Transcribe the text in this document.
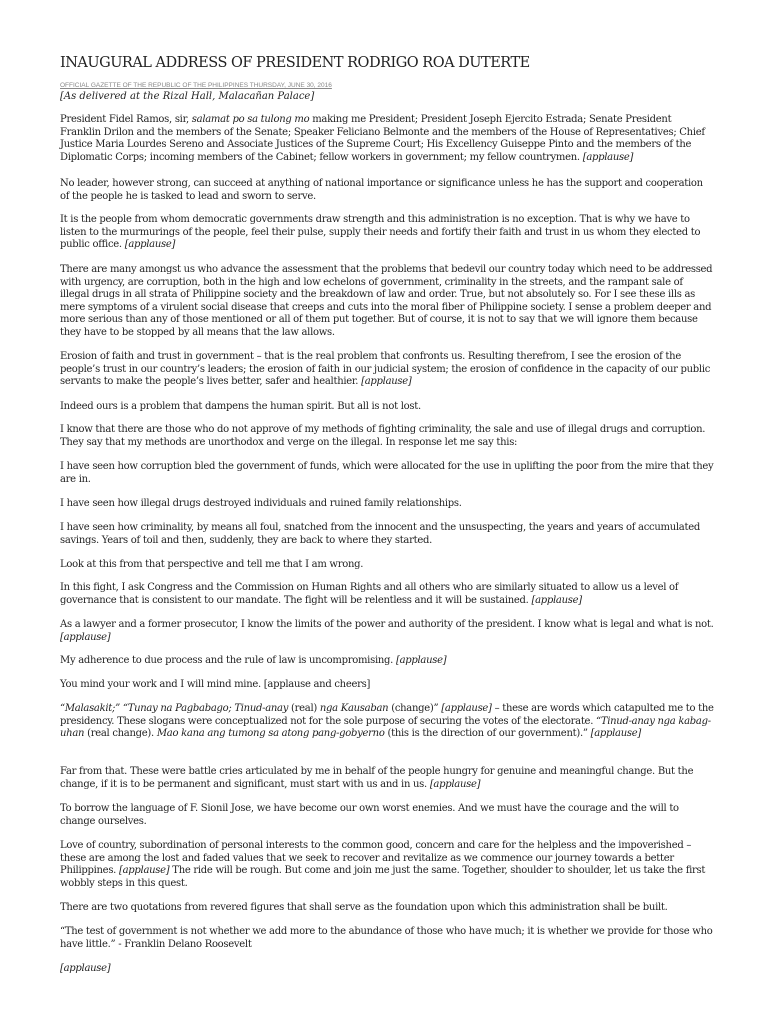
INAUGURAL ADDRESS OF PRESIDENT RODRIGO ROA DUTERTE
OFFICIAL GAZETTE OF THE REPUBLIC OF THE PHILIPPINES THURSDAY, JUNE 30, 2016
[As delivered at the Rizal Hall, Malacañan Palace]

President Fidel Ramos, sir, salamat po sa tulong mo making me President; President Joseph Ejercito Estrada; Senate President Franklin Drilon and the members of the Senate; Speaker Feliciano Belmonte and the members of the House of Representatives; Chief Justice Maria Lourdes Sereno and Associate Justices of the Supreme Court; His Excellency Guiseppe Pinto and the members of the Diplomatic Corps; incoming members of the Cabinet; fellow workers in government; my fellow countrymen. [applause]

No leader, however strong, can succeed at anything of national importance or significance unless he has the support and cooperation of the people he is tasked to lead and sworn to serve.

It is the people from whom democratic governments draw strength and this administration is no exception. That is why we have to listen to the murmurings of the people, feel their pulse, supply their needs and fortify their faith and trust in us whom they elected to public office. [applause]

There are many amongst us who advance the assessment that the problems that bedevil our country today which need to be addressed with urgency, are corruption, both in the high and low echelons of government, criminality in the streets, and the rampant sale of illegal drugs in all strata of Philippine society and the breakdown of law and order. True, but not absolutely so. For I see these ills as mere symptoms of a virulent social disease that creeps and cuts into the moral fiber of Philippine society. I sense a problem deeper and more serious than any of those mentioned or all of them put together. But of course, it is not to say that we will ignore them because they have to be stopped by all means that the law allows.

Erosion of faith and trust in government – that is the real problem that confronts us. Resulting therefrom, I see the erosion of the people’s trust in our country’s leaders; the erosion of faith in our judicial system; the erosion of confidence in the capacity of our public servants to make the people’s lives better, safer and healthier. [applause]

Indeed ours is a problem that dampens the human spirit. But all is not lost.

I know that there are those who do not approve of my methods of fighting criminality, the sale and use of illegal drugs and corruption. They say that my methods are unorthodox and verge on the illegal. In response let me say this:

I have seen how corruption bled the government of funds, which were allocated for the use in uplifting the poor from the mire that they are in.

I have seen how illegal drugs destroyed individuals and ruined family relationships.

I have seen how criminality, by means all foul, snatched from the innocent and the unsuspecting, the years and years of accumulated savings. Years of toil and then, suddenly, they are back to where they started.

Look at this from that perspective and tell me that I am wrong.

In this fight, I ask Congress and the Commission on Human Rights and all others who are similarly situated to allow us a level of governance that is consistent to our mandate. The fight will be relentless and it will be sustained. [applause]

As a lawyer and a former prosecutor, I know the limits of the power and authority of the president. I know what is legal and what is not. [applause]

My adherence to due process and the rule of law is uncompromising. [applause]

You mind your work and I will mind mine. [applause and cheers]

“Malasakit;” “Tunay na Pagbabago; Tinud-anay (real) nga Kausaban (change)” [applause] – these are words which catapulted me to the presidency. These slogans were conceptualized not for the sole purpose of securing the votes of the electorate. “Tinud-anay nga kabag-uhan (real change). Mao kana ang tumong sa atong pang-gobyerno (this is the direction of our government).” [applause]

Far from that. These were battle cries articulated by me in behalf of the people hungry for genuine and meaningful change. But the change, if it is to be permanent and significant, must start with us and in us. [applause]

To borrow the language of F. Sionil Jose, we have become our own worst enemies. And we must have the courage and the will to change ourselves.

Love of country, subordination of personal interests to the common good, concern and care for the helpless and the impoverished – these are among the lost and faded values that we seek to recover and revitalize as we commence our journey towards a better Philippines. [applause] The ride will be rough. But come and join me just the same. Together, shoulder to shoulder, let us take the first wobbly steps in this quest.

There are two quotations from revered figures that shall serve as the foundation upon which this administration shall be built.

“The test of government is not whether we add more to the abundance of those who have much; it is whether we provide for those who have little.” - Franklin Delano Roosevelt

[applause]
